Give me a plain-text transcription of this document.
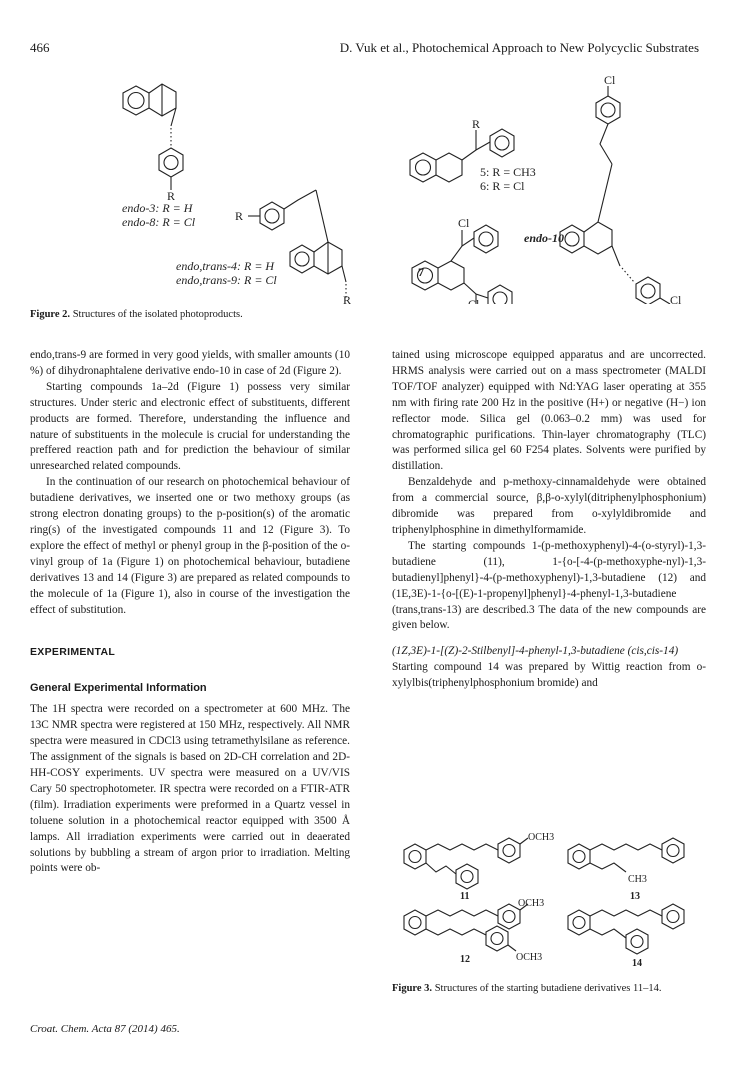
466	D. Vuk et al., Photochemical Approach to New Polycyclic Substrates
R
R
R
R
Cl
Cl
Cl	Cl
endo-3: R = H
endo-8: R = Cl
5: R = CH3
6: R = Cl
endo,trans-4: R = H
endo,trans-9: R = Cl
7
endo-10
Figure 2. Structures of the isolated photoproducts.

endo,trans-9 are formed in very good yields, with smaller amounts (10 %) of dihydronaphtalene derivative endo-10 in case of 2d (Figure 2).

Starting compounds 1a–2d (Figure 1) possess very similar structures. Under steric and electronic effect of substituents, different products are formed. Therefore, understanding the influence and nature of substituents in the molecule is crucial for understanding the preffered reaction path and for prediction the behaviour of similar unresearched related compounds.

In the continuation of our research on photochemical behaviour of butadiene derivatives, we inserted one or two methoxy groups (as strong electron donating groups) to the p-position(s) of the aromatic ring(s) of the investigated compounds 11 and 12 (Figure 3). To explore the effect of methyl or phenyl group in the β-position of the o-vinyl group of 1a (Figure 1) on photochemical behaviour, butadiene derivatives 13 and 14 (Figure 3) are prepared as related compounds to the molecule of 1a (Figure 1), also in course of the investigation the effect of substitution.

EXPERIMENTAL
General Experimental Information

The 1H spectra were recorded on a spectrometer at 600 MHz. The 13C NMR spectra were registered at 150 MHz, respectively. All NMR spectra were measured in CDCl3 using tetramethylsilane as reference. The assignment of the signals is based on 2D-CH correlation and 2D-HH-COSY experiments. UV spectra were measured on a UV/VIS Cary 50 spectrophotometer. IR spectra were recorded on a FTIR-ATR (film). Irradiation experiments were preformed in a Quartz vessel in toluene solution in a photochemical reactor equipped with 3500 Å lamps. All irradiation experiments were carried out in deaerated solutions by bubbling a stream of argon prior to irradiation. Melting points were ob-

tained using microscope equipped apparatus and are uncorrected. HRMS analysis were carried out on a mass spectrometer (MALDI TOF/TOF analyzer) equipped with Nd:YAG laser operating at 355 nm with firing rate 200 Hz in the positive (H+) or negative (H−) ion reflector mode. Silica gel (0.063–0.2 mm) was used for chromatographic purifications. Thin-layer chromatography (TLC) was performed silica gel 60 F254 plates. Solvents were purified by distillation.

Benzaldehyde and p-methoxy-cinnamaldehyde were obtained from a commercial source, β,β-o-xylyl(ditriphenylphosphonium) dibromide was prepared from o-xylyldibromide and triphenylphosphine in dimethylformamide.

The starting compounds 1-(p-methoxyphenyl)-4-(o-styryl)-1,3-butadiene (11), 1-{o-[-4-(p-methoxyphe-nyl)-1,3-butadienyl]phenyl}-4-(p-methoxyphenyl)-1,3-butadiene (12) and (1E,3E)-1-{o-[(E)-1-propenyl]phenyl}-4-phenyl-1,3-butadiene (trans,trans-13) are described.3 The data of the new compounds are given below.

(1Z,3E)-1-[(Z)-2-Stilbenyl]-4-phenyl-1,3-butadiene (cis,cis-14)

Starting compound 14 was prepared by Wittig reaction from o-xylylbis(triphenylphosphonium bromide) and

OCH3
OCH3
OCH3
CH3
11
12
13
14
Figure 3. Structures of the starting butadiene derivatives 11–14.
Croat. Chem. Acta 87 (2014) 465.
